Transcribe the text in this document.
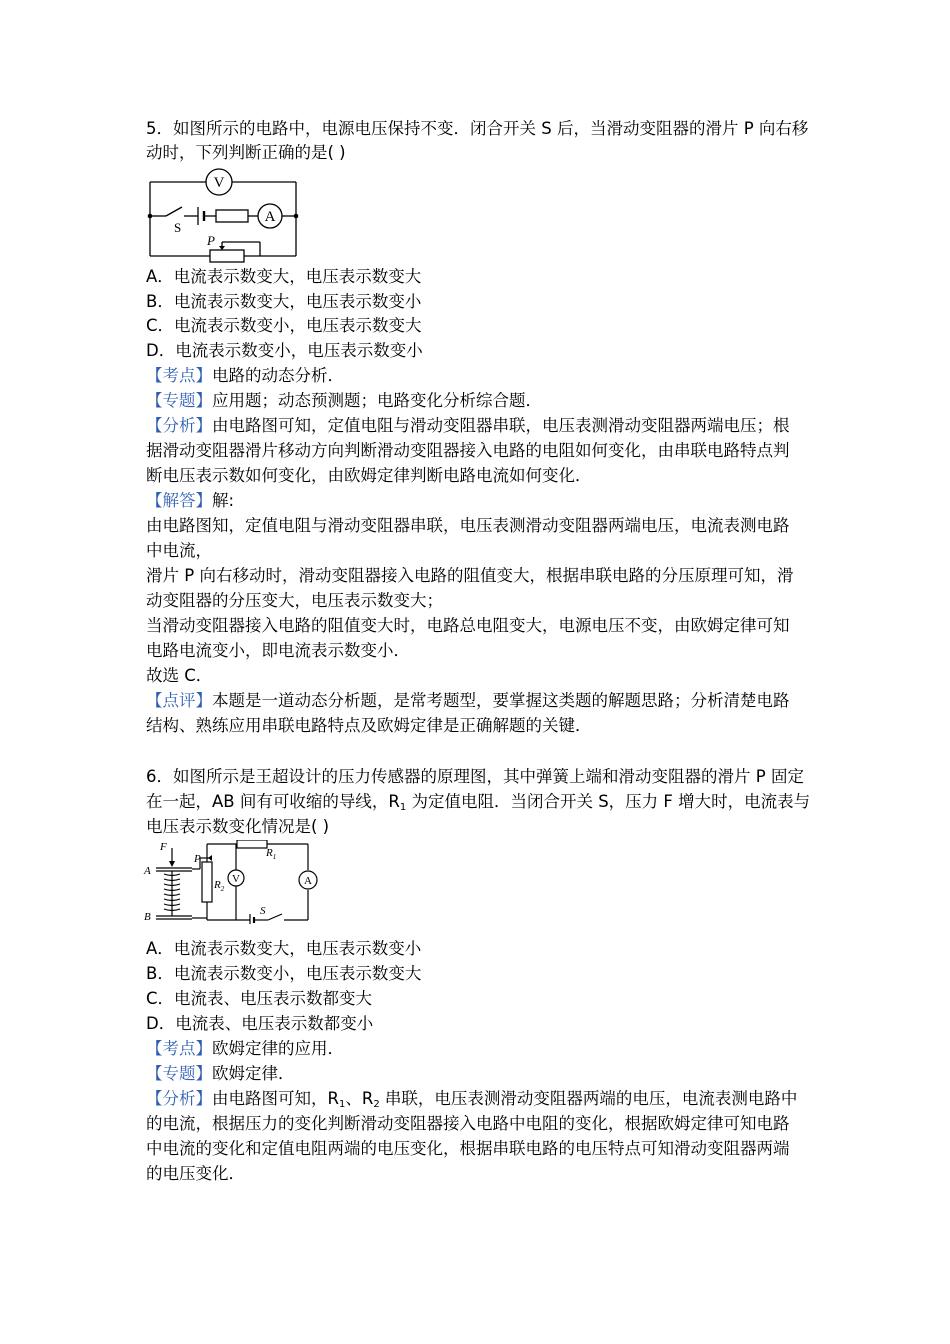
5．如图所示的电路中，电源电压保持不变．闭合开关 S 后，当滑动变阻器的滑片 P 向右移
动时，下列判断正确的是( )
V
A
S
P
A．电流表示数变大，电压表示数变大
B．电流表示数变大，电压表示数变小
C．电流表示数变小，电压表示数变大
D．电流表示数变小，电压表示数变小
【考点】电路的动态分析．
【专题】应用题；动态预测题；电路变化分析综合题．
【分析】由电路图可知，定值电阻与滑动变阻器串联，电压表测滑动变阻器两端电压；根
据滑动变阻器滑片移动方向判断滑动变阻器接入电路的电阻如何变化，由串联电路特点判
断电压表示数如何变化，由欧姆定律判断电路电流如何变化．
【解答】解:
由电路图知，定值电阻与滑动变阻器串联，电压表测滑动变阻器两端电压，电流表测电路
中电流，
滑片 P 向右移动时，滑动变阻器接入电路的阻值变大，根据串联电路的分压原理可知，滑
动变阻器的分压变大，电压表示数变大；
当滑动变阻器接入电路的阻值变大时，电路总电阻变大，电源电压不变，由欧姆定律可知
电路电流变小，即电流表示数变小．
故选 C．
【点评】本题是一道动态分析题，是常考题型，要掌握这类题的解题思路；分析清楚电路
结构、熟练应用串联电路特点及欧姆定律是正确解题的关键．
6．如图所示是王超设计的压力传感器的原理图，其中弹簧上端和滑动变阻器的滑片 P 固定
在一起，AB 间有可收缩的导线，$R_1$ 为定值电阻．当闭合开关 S，压力 F 增大时，电流表与
电压表示数变化情况是( )
V	A
F
A
B
P
S
$R_1$
$R_2$
A．电流表示数变大，电压表示数变小
B．电流表示数变小，电压表示数变大
C．电流表、电压表示数都变大
D．电流表、电压表示数都变小
【考点】欧姆定律的应用．
【专题】欧姆定律．
【分析】由电路图可知，$R_1$、$R_2$ 串联，电压表测滑动变阻器两端的电压，电流表测电路中
的电流，根据压力的变化判断滑动变阻器接入电路中电阻的变化，根据欧姆定律可知电路
中电流的变化和定值电阻两端的电压变化，根据串联电路的电压特点可知滑动变阻器两端
的电压变化．
